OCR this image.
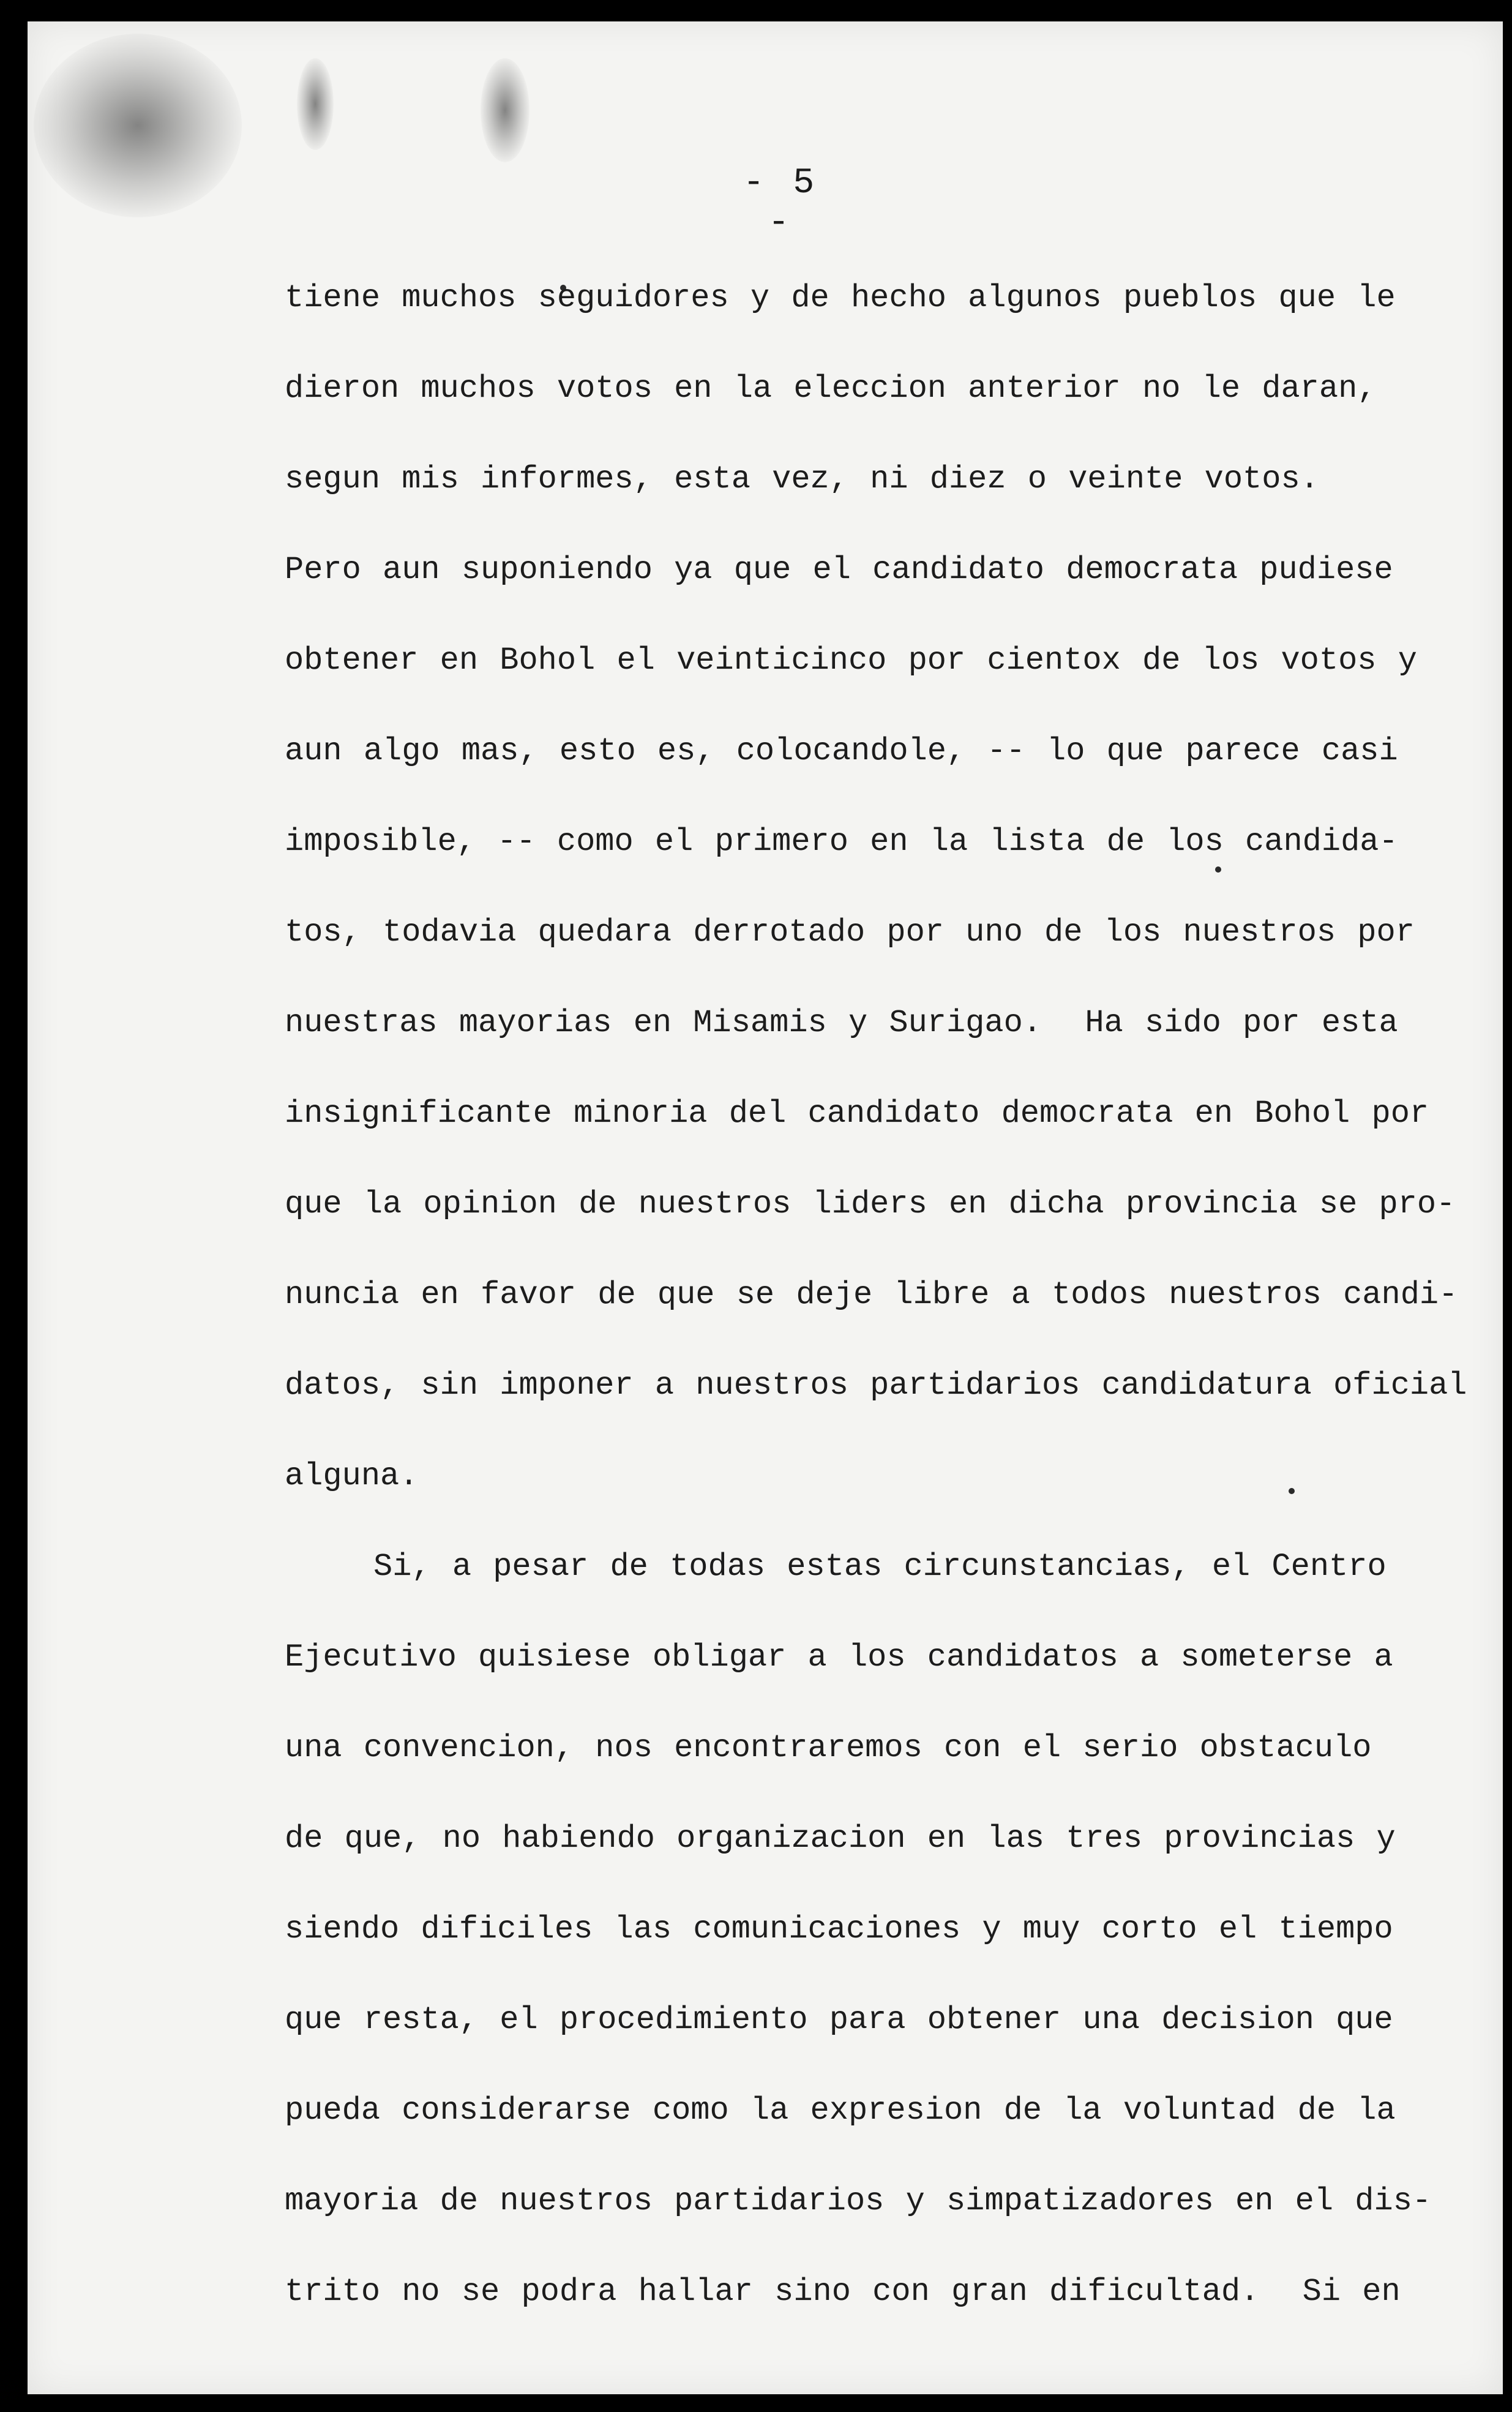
- 5 -
tiene muchos seguidores y de hecho algunos pueblos que le
dieron muchos votos en la eleccion anterior no le daran,
segun mis informes, esta vez, ni diez o veinte votos.
Pero aun suponiendo ya que el candidato democrata pudiese
obtener en Bohol el veinticinco por cientox de los votos y
aun algo mas, esto es, colocandole, -- lo que parece casi
imposible, -- como el primero en la lista de los candida-
tos, todavia quedara derrotado por uno de los nuestros por
nuestras mayorias en Misamis y Surigao.  Ha sido por esta
insignificante minoria del candidato democrata en Bohol por
que la opinion de nuestros liders en dicha provincia se pro-
nuncia en favor de que se deje libre a todos nuestros candi-
datos, sin imponer a nuestros partidarios candidatura oficial
alguna.
Si, a pesar de todas estas circunstancias, el Centro
Ejecutivo quisiese obligar a los candidatos a someterse a
una convencion, nos encontraremos con el serio obstaculo
de que, no habiendo organizacion en las tres provincias y
siendo dificiles las comunicaciones y muy corto el tiempo
que resta, el procedimiento para obtener una decision que
pueda considerarse como la expresion de la voluntad de la
mayoria de nuestros partidarios y simpatizadores en el dis-
trito no se podra hallar sino con gran dificultad.  Si en
